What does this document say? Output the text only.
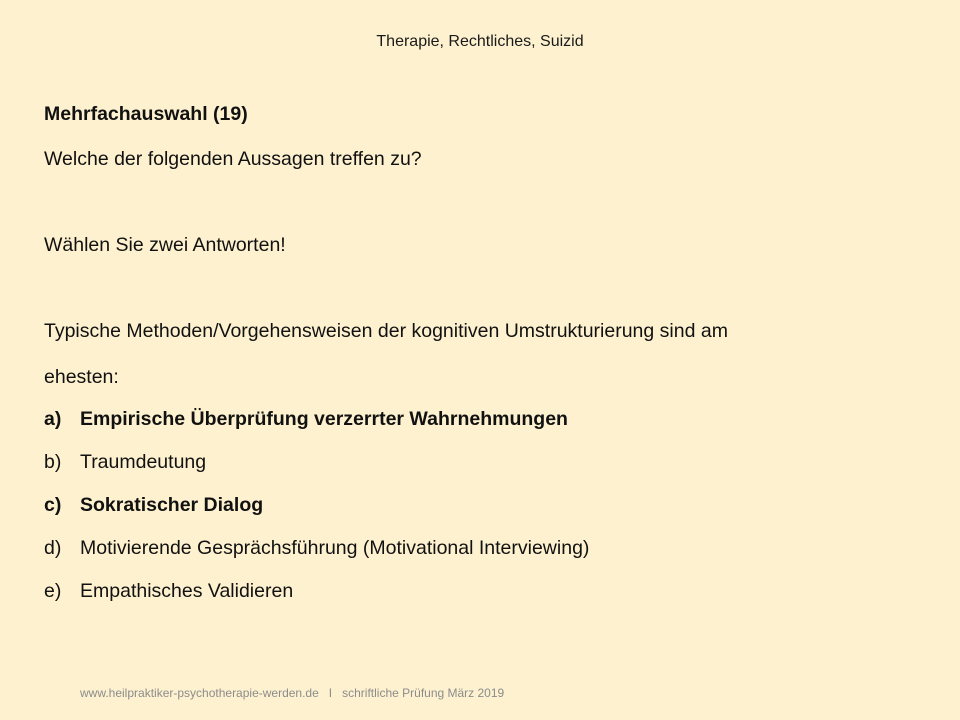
Therapie, Rechtliches, Suizid
Mehrfachauswahl (19)
Welche der folgenden Aussagen treffen zu?
Wählen Sie zwei Antworten!
Typische Methoden/Vorgehensweisen der kognitiven Umstrukturierung sind am
ehesten:
a) Empirische Überprüfung verzerrter Wahrnehmungen
b) Traumdeutung
c) Sokratischer Dialog
d) Motivierende Gesprächsführung (Motivational Interviewing)
e) Empathisches Validieren
www.heilpraktiker-psychotherapie-werden.de I schriftliche Prüfung März 2019
